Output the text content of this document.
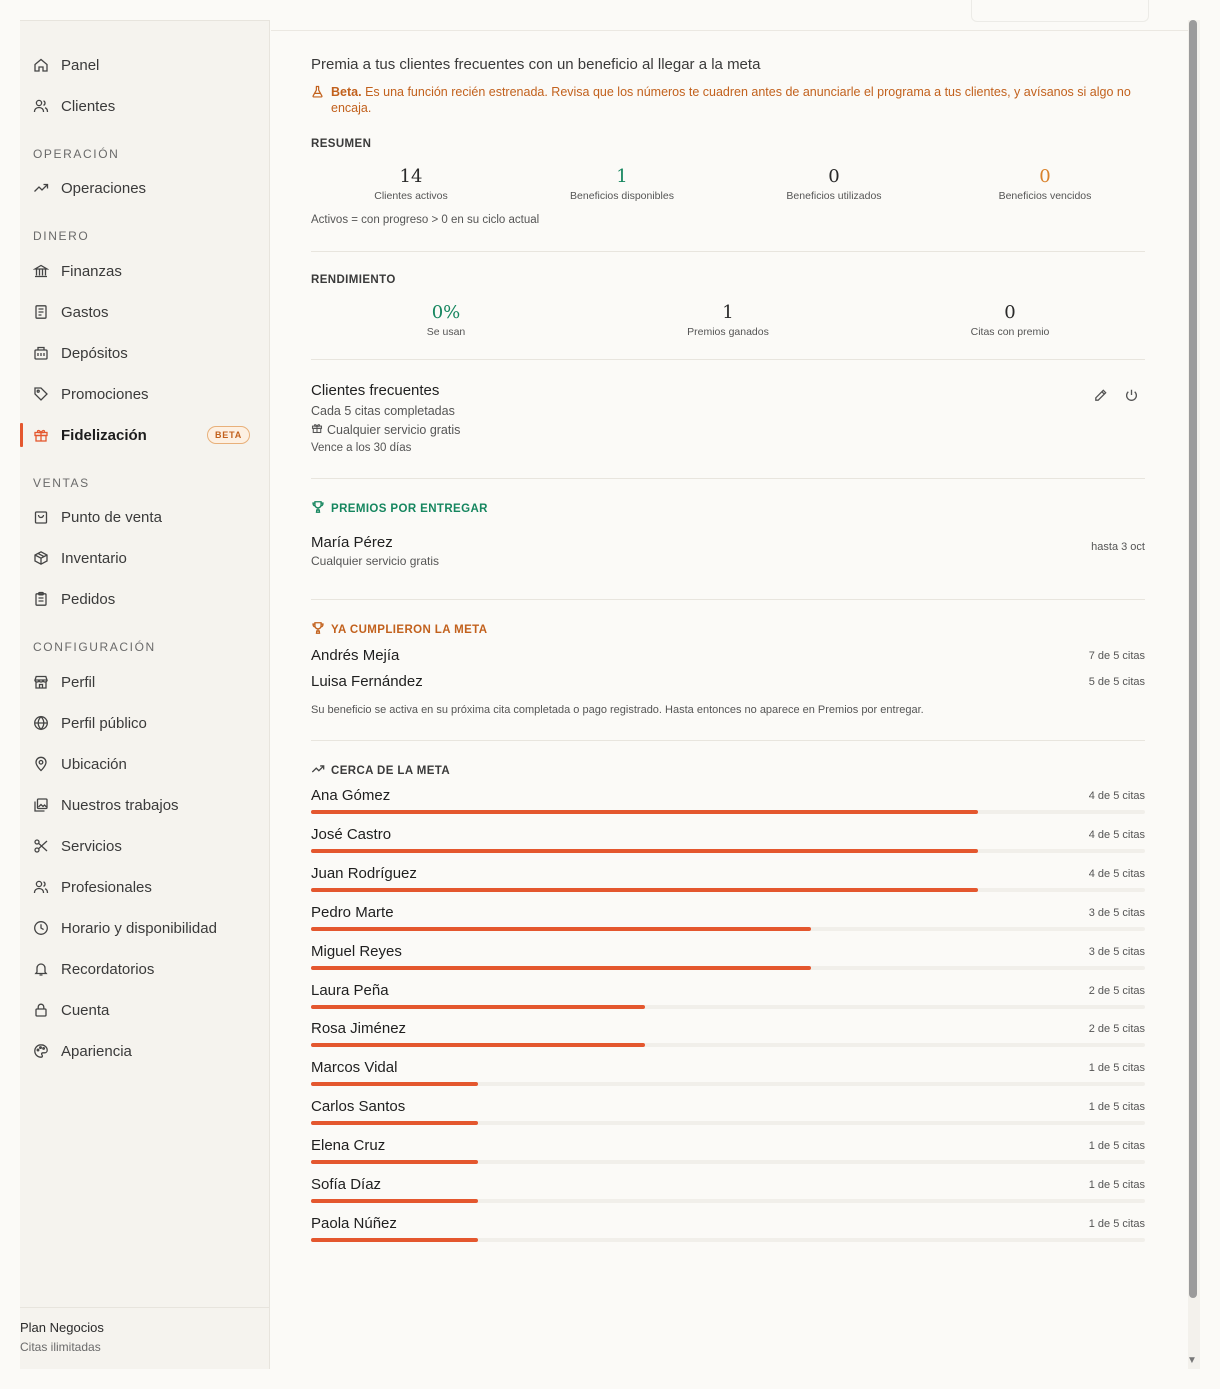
Panel
Clientes
OPERACIÓN
Operaciones
DINERO
Finanzas
Gastos
Depósitos
Promociones
Fidelización	BETA
VENTAS
Punto de venta
Inventario
Pedidos
CONFIGURACIÓN
Perfil
Perfil público
Ubicación
Nuestros trabajos
Servicios
Profesionales
Horario y disponibilidad
Recordatorios
Cuenta
Apariencia
Plan Negocios
Citas ilimitadas
Premia a tus clientes frecuentes con un beneficio al llegar a la meta
Beta. Es una función recién estrenada. Revisa que los números te cuadren antes de anunciarle el programa a tus clientes, y avísanos si algo no encaja.
RESUMEN
14
Clientes activos
1
Beneficios disponibles
0
Beneficios utilizados
0
Beneficios vencidos
Activos = con progreso > 0 en su ciclo actual
RENDIMIENTO
0%
Se usan
1
Premios ganados
0
Citas con premio
Clientes frecuentes
Cada 5 citas completadas
Cualquier servicio gratis
Vence a los 30 días
PREMIOS POR ENTREGAR
María Pérez
Cualquier servicio gratis
hasta 3 oct
YA CUMPLIERON LA META
Andrés Mejía	7 de 5 citas
Luisa Fernández	5 de 5 citas
Su beneficio se activa en su próxima cita completada o pago registrado. Hasta entonces no aparece en Premios por entregar.
CERCA DE LA META
Ana Gómez	4 de 5 citas
José Castro	4 de 5 citas
Juan Rodríguez	4 de 5 citas
Pedro Marte	3 de 5 citas
Miguel Reyes	3 de 5 citas
Laura Peña	2 de 5 citas
Rosa Jiménez	2 de 5 citas
Marcos Vidal	1 de 5 citas
Carlos Santos	1 de 5 citas
Elena Cruz	1 de 5 citas
Sofía Díaz	1 de 5 citas
Paola Núñez	1 de 5 citas
▼
